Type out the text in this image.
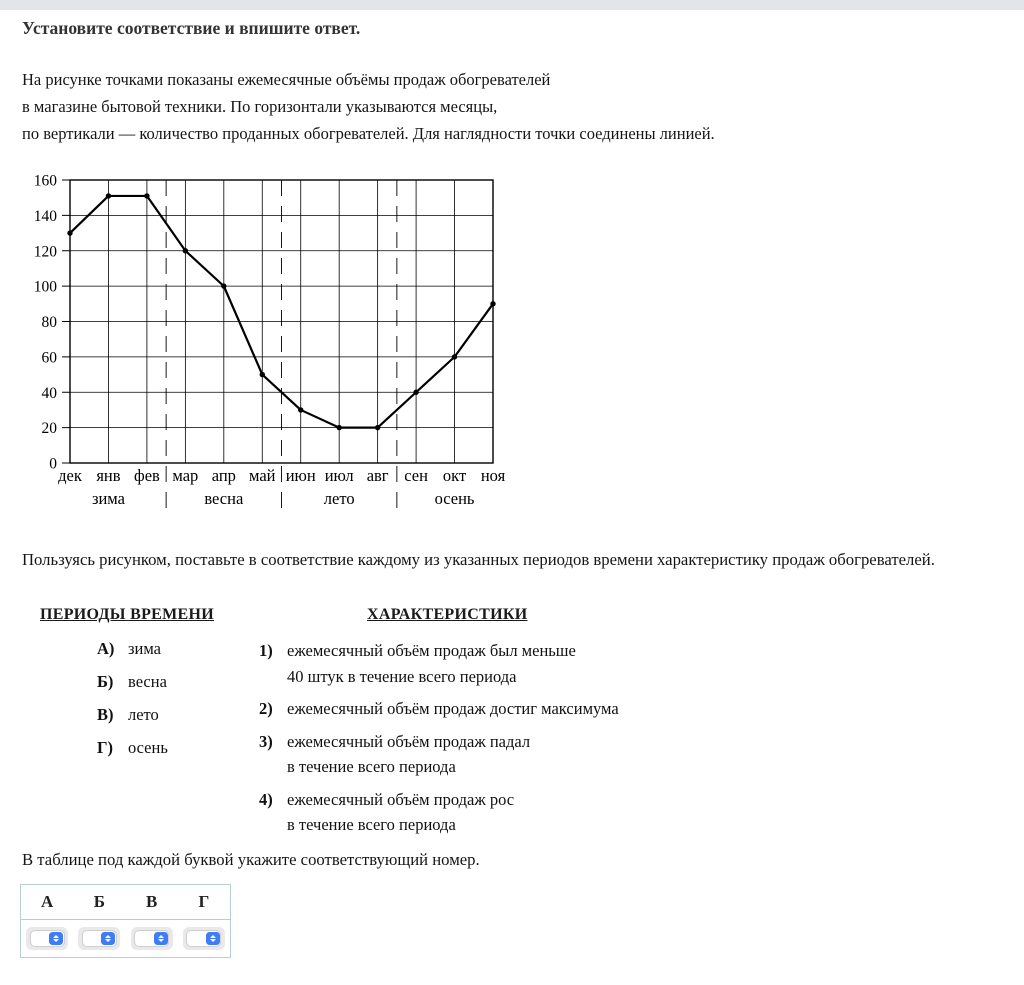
Установите соответствие и впишите ответ.
На рисунке точками показаны ежемесячные объёмы продаж обогревателей
в магазине бытовой техники. По горизонтали указываются месяцы,
по вертикали — количество проданных обогревателей. Для наглядности точки соединены линией.
0
20
40
60
80
100
120
140
160
дек янв фев мар апр май июн июл авг сен окт ноя
зима	весна	лето	осень
Пользуясь рисунком, поставьте в соответствие каждому из указанных периодов времени характеристику продаж обогревателей.
ПЕРИОДЫ ВРЕМЕНИ	ХАРАКТЕРИСТИКИ
А) зима
Б) весна
В) лето
Г) осень
1) ежемесячный объём продаж был меньше
40 штук в течение всего периода
2) ежемесячный объём продаж достиг максимума
3) ежемесячный объём продаж падал
в течение всего периода
4) ежемесячный объём продаж рос
в течение всего периода
В таблице под каждой буквой укажите соответствующий номер.
А	Б	В	Г
